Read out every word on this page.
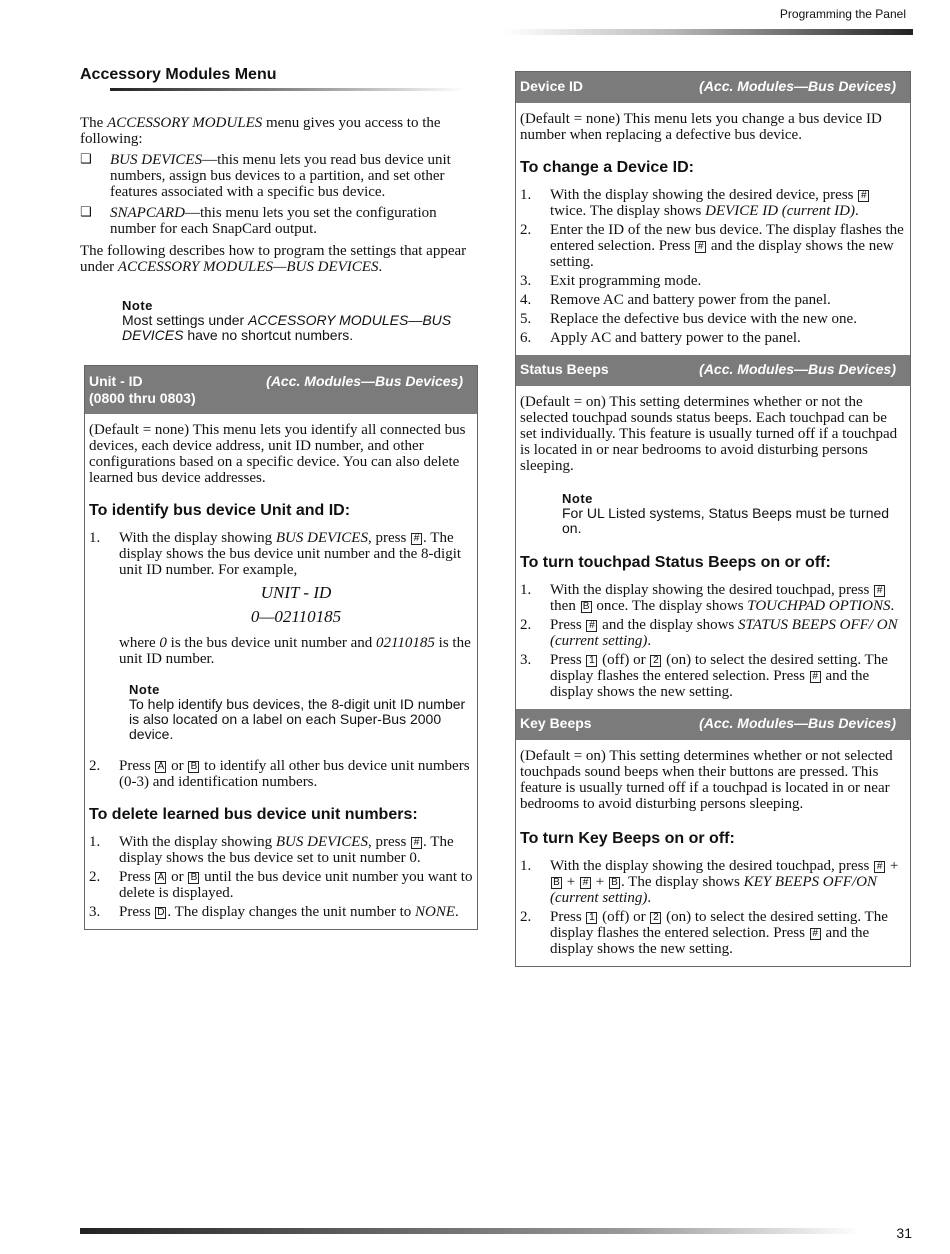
Programming the Panel
Accessory Modules Menu

The ACCESSORY MODULES menu gives you access to the following:

❑	BUS DEVICES—this menu lets you read bus device unit numbers, assign bus devices to a partition, and set other features associated with a specific bus device.
❑	SNAPCARD—this menu lets you set the configuration number for each SnapCard output.

The following describes how to program the settings that appear under ACCESSORY MODULES—BUS DEVICES.

Note
Most settings under ACCESSORY MODULES—BUS DEVICES have no shortcut numbers.
Unit - ID
(0800 thru 0803)
(Acc. Modules—Bus Devices)

(Default = none) This menu lets you identify all connected bus devices, each device address, unit ID number, and other configurations based on a specific device. You can also delete learned bus device addresses.

To identify bus device Unit and ID:
1.	With the display showing BUS DEVICES, press # . The display shows the bus device unit number and the 8-digit unit ID number. For example,
UNIT - ID
0—02110185

where 0 is the bus device unit number and 02110185 is the unit ID number.

Note
To help identify bus devices, the 8-digit unit ID number is also located on a label on each Super-Bus 2000 device.
2.	Press A or B to identify all other bus device unit numbers (0-3) and identification numbers.
To delete learned bus device unit numbers:
1.	With the display showing BUS DEVICES, press # . The display shows the bus device set to unit number 0.
2.	Press A or B until the bus device unit number you want to delete is displayed.
3.	Press D . The display changes the unit number to NONE.
Device ID	(Acc. Modules—Bus Devices)

(Default = none) This menu lets you change a bus device ID number when replacing a defective bus device.

To change a Device ID:
1.	With the display showing the desired device, press # twice. The display shows DEVICE ID (current ID).
2.	Enter the ID of the new bus device. The display flashes the entered selection. Press # and the display shows the new setting.
3.	Exit programming mode.
4.	Remove AC and battery power from the panel.
5.	Replace the defective bus device with the new one.
6.	Apply AC and battery power to the panel.
Status Beeps	(Acc. Modules—Bus Devices)

(Default = on) This setting determines whether or not the selected touchpad sounds status beeps. Each touchpad can be set individually. This feature is usually turned off if a touchpad is located in or near bedrooms to avoid disturbing persons sleeping.

Note
For UL Listed systems, Status Beeps must be turned on.
To turn touchpad Status Beeps on or off:
1.	With the display showing the desired touchpad, press # then B once. The display shows TOUCHPAD OPTIONS.
2.	Press # and the display shows STATUS BEEPS OFF/ ON (current setting).
3.	Press 1 (off) or 2 (on) to select the desired setting. The display flashes the entered selection. Press # and the display shows the new setting.
Key Beeps	(Acc. Modules—Bus Devices)

(Default = on) This setting determines whether or not selected touchpads sound beeps when their buttons are pressed. This feature is usually turned off if a touchpad is located in or near bedrooms to avoid disturbing persons sleeping.

To turn Key Beeps on or off:
1.	With the display showing the desired touchpad, press # + B + # + B . The display shows KEY BEEPS OFF/ON (current setting).
2.	Press 1 (off) or 2 (on) to select the desired setting. The display flashes the entered selection. Press # and the display shows the new setting.
31
